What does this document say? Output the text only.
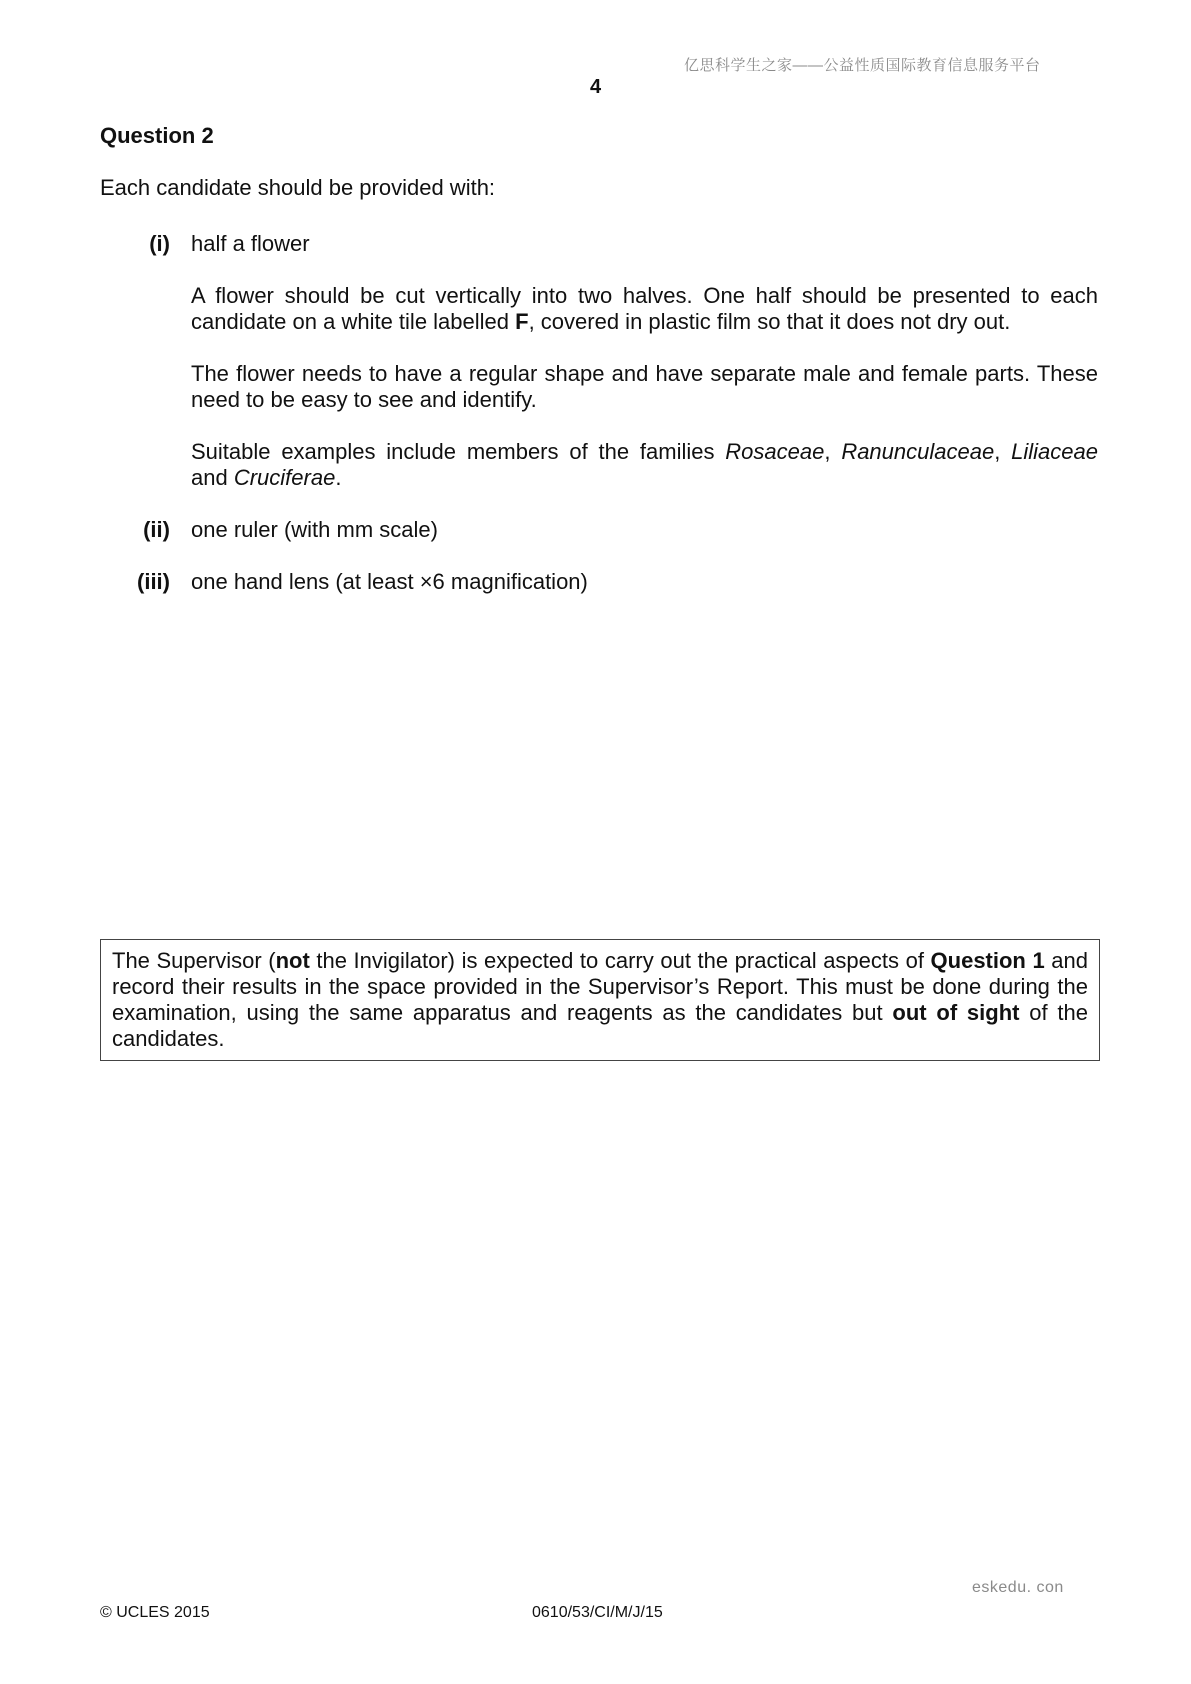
亿思科学生之家——公益性质国际教育信息服务平台
4
Question 2
Each candidate should be provided with:
(i) half a flower
A flower should be cut vertically into two halves. One half should be presented to each candidate on a white tile labelled F, covered in plastic film so that it does not dry out.
The flower needs to have a regular shape and have separate male and female parts. These need to be easy to see and identify.
Suitable examples include members of the families Rosaceae, Ranunculaceae, Liliaceae and Cruciferae.
(ii) one ruler (with mm scale)
(iii) one hand lens (at least ×6 magnification)
The Supervisor (not the Invigilator) is expected to carry out the practical aspects of Question 1 and record their results in the space provided in the Supervisor’s Report. This must be done during the examination, using the same apparatus and reagents as the candidates but out of sight of the candidates.
eskedu. con
© UCLES 2015	0610/53/CI/M/J/15
